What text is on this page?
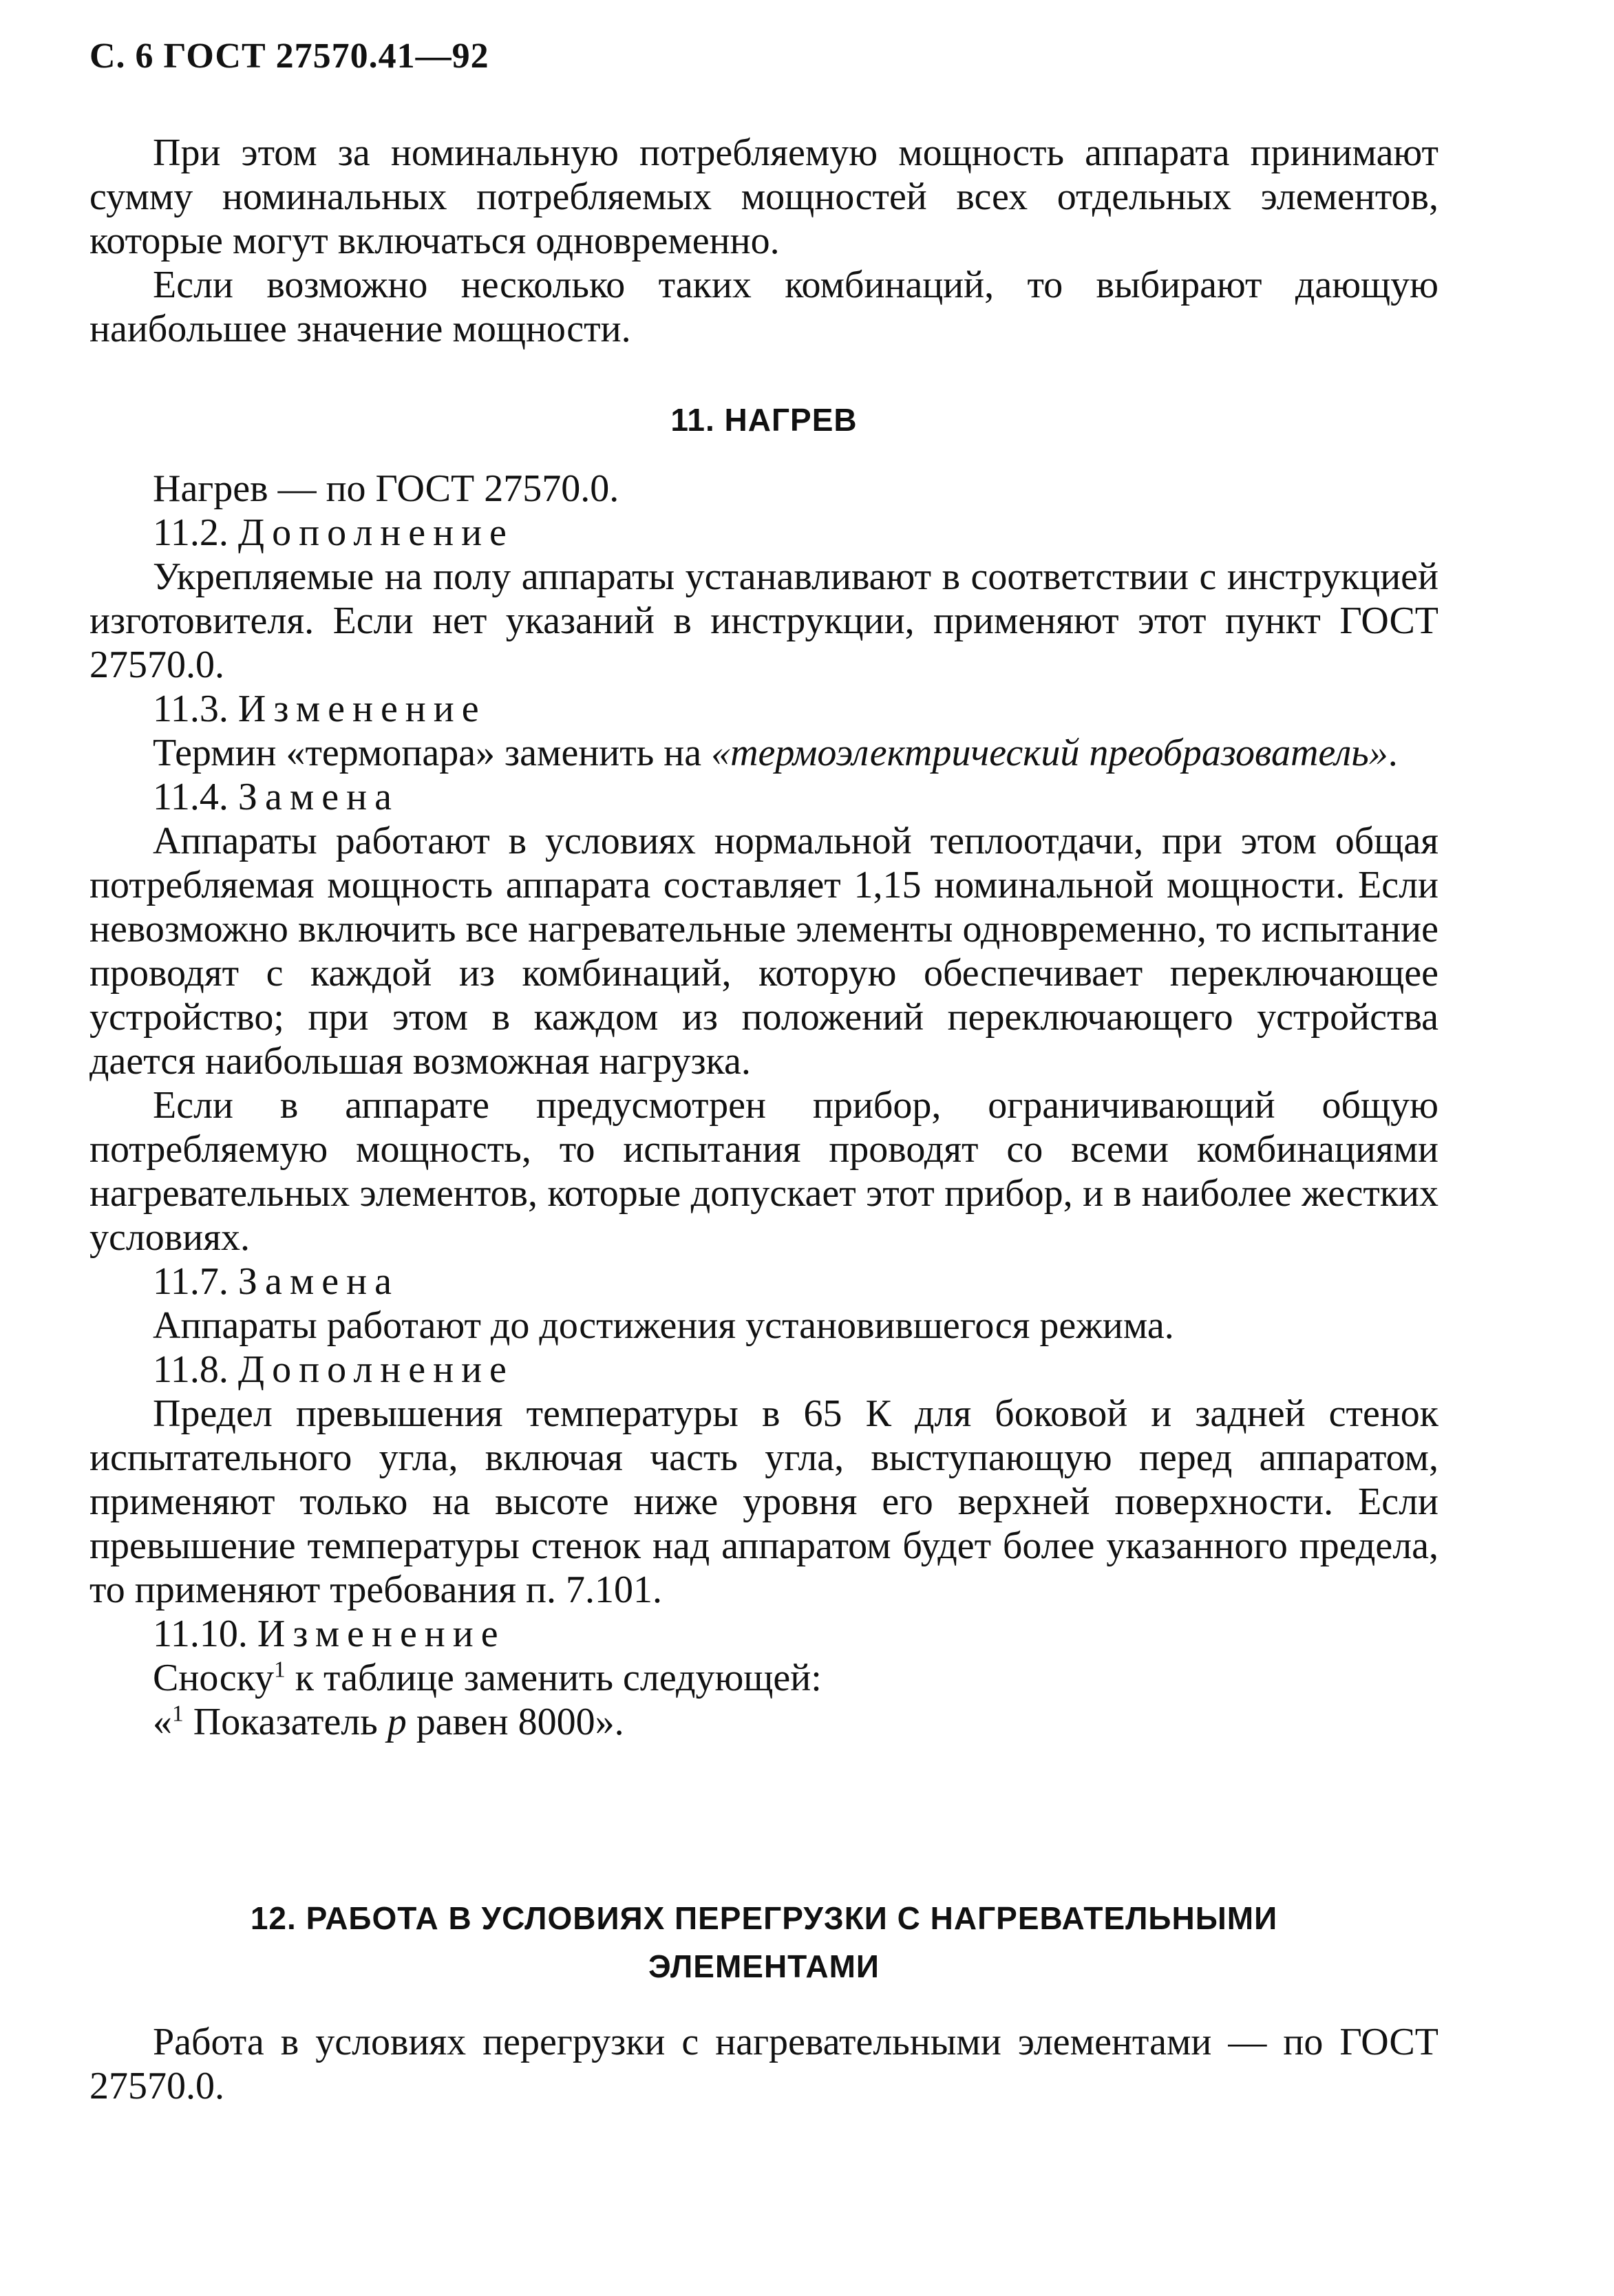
С. 6 ГОСТ 27570.41—92

При этом за номинальную потребляемую мощность аппарата принимают сумму номинальных потребляемых мощностей всех отдельных элементов, которые могут включаться одновременно.

Если возможно несколько таких комбинаций, то выбирают дающую наибольшее значение мощности.

11. НАГРЕВ

Нагрев — по ГОСТ 27570.0.

11.2. Дополнение

Укрепляемые на полу аппараты устанавливают в соответствии с инструкцией изготовителя. Если нет указаний в инструкции, применяют этот пункт ГОСТ 27570.0.

11.3. Изменение

Термин «термопара» заменить на «термоэлектрический преобразователь».

11.4. Замена

Аппараты работают в условиях нормальной теплоотдачи, при этом общая потребляемая мощность аппарата составляет 1,15 номинальной мощности. Если невозможно включить все нагревательные элементы одновременно, то испытание проводят с каждой из комбинаций, которую обеспечивает переключающее устройство; при этом в каждом из положений переключающего устройства дается наибольшая возможная нагрузка.

Если в аппарате предусмотрен прибор, ограничивающий общую потребляемую мощность, то испытания проводят со всеми комбинациями нагревательных элементов, которые допускает этот прибор, и в наиболее жестких условиях.

11.7. Замена

Аппараты работают до достижения установившегося режима.

11.8. Дополнение

Предел превышения температуры в 65 К для боковой и задней стенок испытательного угла, включая часть угла, выступающую перед аппаратом, применяют только на высоте ниже уровня его верхней поверхности. Если превышение температуры стенок над аппаратом будет более указанного предела, то применяют требования п. 7.101.

11.10. Изменение

Сноску$^1$ к таблице заменить следующей:

«$^1$ Показатель p равен 8000».

12. РАБОТА В УСЛОВИЯХ ПЕРЕГРУЗКИ С НАГРЕВАТЕЛЬНЫМИ
ЭЛЕМЕНТАМИ

Работа в условиях перегрузки с нагревательными элементами — по ГОСТ 27570.0.
